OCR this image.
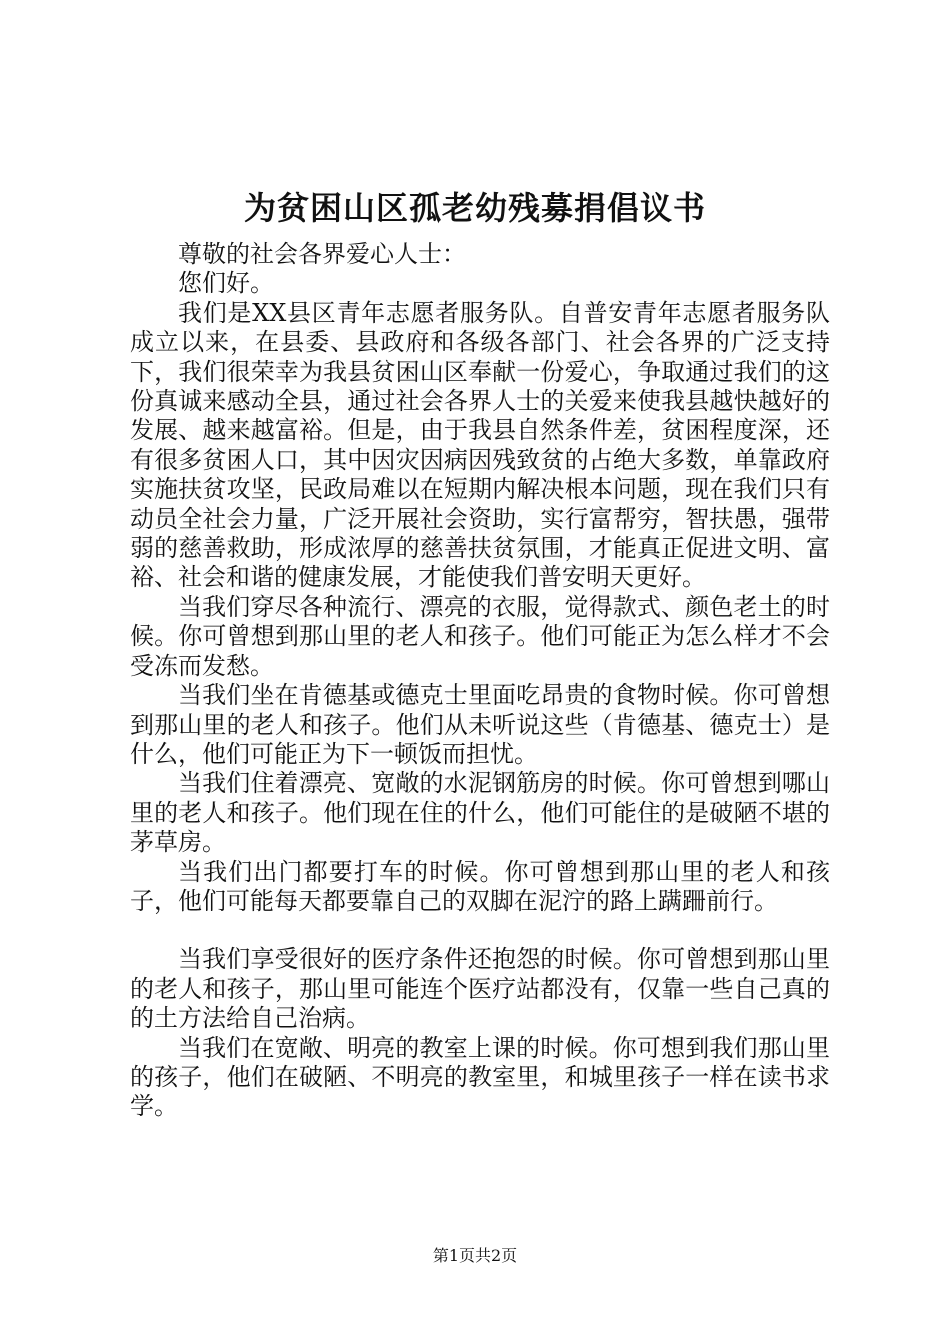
为贫困山区孤老幼残募捐倡议书

尊敬的社会各界爱心人士：

您们好。

我们是XX县区青年志愿者服务队。自普安青年志愿者服务队成立以来，在县委、县政府和各级各部门、社会各界的广泛支持下，我们很荣幸为我县贫困山区奉献一份爱心，争取通过我们的这份真诚来感动全县，通过社会各界人士的关爱来使我县越快越好的发展、越来越富裕。但是，由于我县自然条件差，贫困程度深，还有很多贫困人口，其中因灾因病因残致贫的占绝大多数，单靠政府实施扶贫攻坚，民政局难以在短期内解决根本问题，现在我们只有动员全社会力量，广泛开展社会资助，实行富帮穷，智扶愚，强带弱的慈善救助，形成浓厚的慈善扶贫氛围，才能真正促进文明、富裕、社会和谐的健康发展，才能使我们普安明天更好。

当我们穿尽各种流行、漂亮的衣服，觉得款式、颜色老土的时候。你可曾想到那山里的老人和孩子。他们可能正为怎么样才不会受冻而发愁。

当我们坐在肯德基或德克士里面吃昂贵的食物时候。你可曾想到那山里的老人和孩子。他们从未听说这些（肯德基、德克士）是什么，他们可能正为下一顿饭而担忧。

当我们住着漂亮、宽敞的水泥钢筋房的时候。你可曾想到哪山里的老人和孩子。他们现在住的什么，他们可能住的是破陋不堪的茅草房。

当我们出门都要打车的时候。你可曾想到那山里的老人和孩子，他们可能每天都要靠自己的双脚在泥泞的路上蹒跚前行。

当我们享受很好的医疗条件还抱怨的时候。你可曾想到那山里的老人和孩子，那山里可能连个医疗站都没有，仅靠一些自己真的的土方法给自己治病。

当我们在宽敞、明亮的教室上课的时候。你可想到我们那山里的孩子，他们在破陋、不明亮的教室里，和城里孩子一样在读书求学。

第1页共2页
